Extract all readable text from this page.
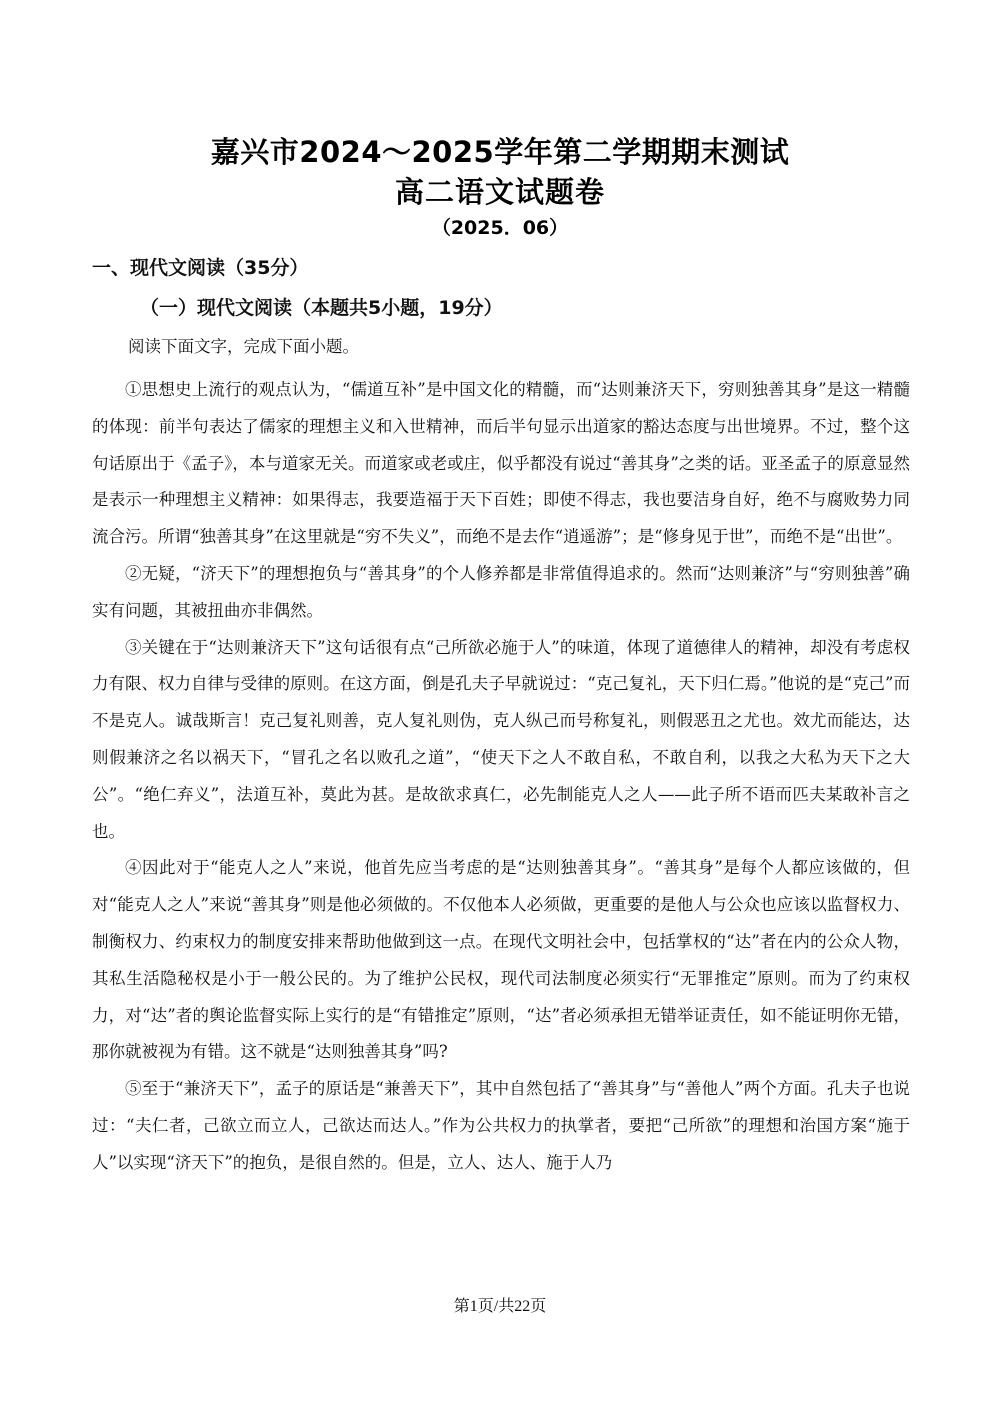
嘉兴市2024～2025学年第二学期期末测试
高二语文试题卷
（2025．06）
一、现代文阅读（35分）
（一）现代文阅读（本题共5小题，19分）
阅读下面文字，完成下面小题。

①思想史上流行的观点认为，“儒道互补”是中国文化的精髓，而“达则兼济天下，穷则独善其身”是这一精髓的体现：前半句表达了儒家的理想主义和入世精神，而后半句显示出道家的豁达态度与出世境界。不过，整个这句话原出于《孟子》，本与道家无关。而道家或老或庄，似乎都没有说过“善其身”之类的话。亚圣孟子的原意显然是表示一种理想主义精神：如果得志，我要造福于天下百姓；即使不得志，我也要洁身自好，绝不与腐败势力同流合污。所谓“独善其身”在这里就是“穷不失义”，而绝不是去作“逍遥游”；是“修身见于世”，而绝不是“出世”。

②无疑，“济天下”的理想抱负与“善其身”的个人修养都是非常值得追求的。然而“达则兼济”与“穷则独善”确实有问题，其被扭曲亦非偶然。

③关键在于“达则兼济天下”这句话很有点“己所欲必施于人”的味道，体现了道德律人的精神，却没有考虑权力有限、权力自律与受律的原则。在这方面，倒是孔夫子早就说过：“克己复礼，天下归仁焉。”他说的是“克己”而不是克人。诚哉斯言！克己复礼则善，克人复礼则伪，克人纵己而号称复礼，则假恶丑之尤也。效尤而能达，达则假兼济之名以祸天下，“冒孔之名以败孔之道”，“使天下之人不敢自私，不敢自利，以我之大私为天下之大公”。“绝仁弃义”，法道互补，莫此为甚。是故欲求真仁，必先制能克人之人——此子所不语而匹夫某敢补言之也。

④因此对于“能克人之人”来说，他首先应当考虑的是“达则独善其身”。“善其身”是每个人都应该做的，但对“能克人之人”来说“善其身”则是他必须做的。不仅他本人必须做，更重要的是他人与公众也应该以监督权力、制衡权力、约束权力的制度安排来帮助他做到这一点。在现代文明社会中，包括掌权的“达”者在内的公众人物，其私生活隐秘权是小于一般公民的。为了维护公民权，现代司法制度必须实行“无罪推定”原则。而为了约束权力，对“达”者的舆论监督实际上实行的是“有错推定”原则，“达”者必须承担无错举证责任，如不能证明你无错，那你就被视为有错。这不就是“达则独善其身”吗?

⑤至于“兼济天下”，孟子的原话是“兼善天下”，其中自然包括了“善其身”与“善他人”两个方面。孔夫子也说过：“夫仁者，己欲立而立人，己欲达而达人。”作为公共权力的执掌者，要把“己所欲”的理想和治国方案“施于人”以实现“济天下”的抱负，是很自然的。但是，立人、达人、施于人乃

第1页/共22页
